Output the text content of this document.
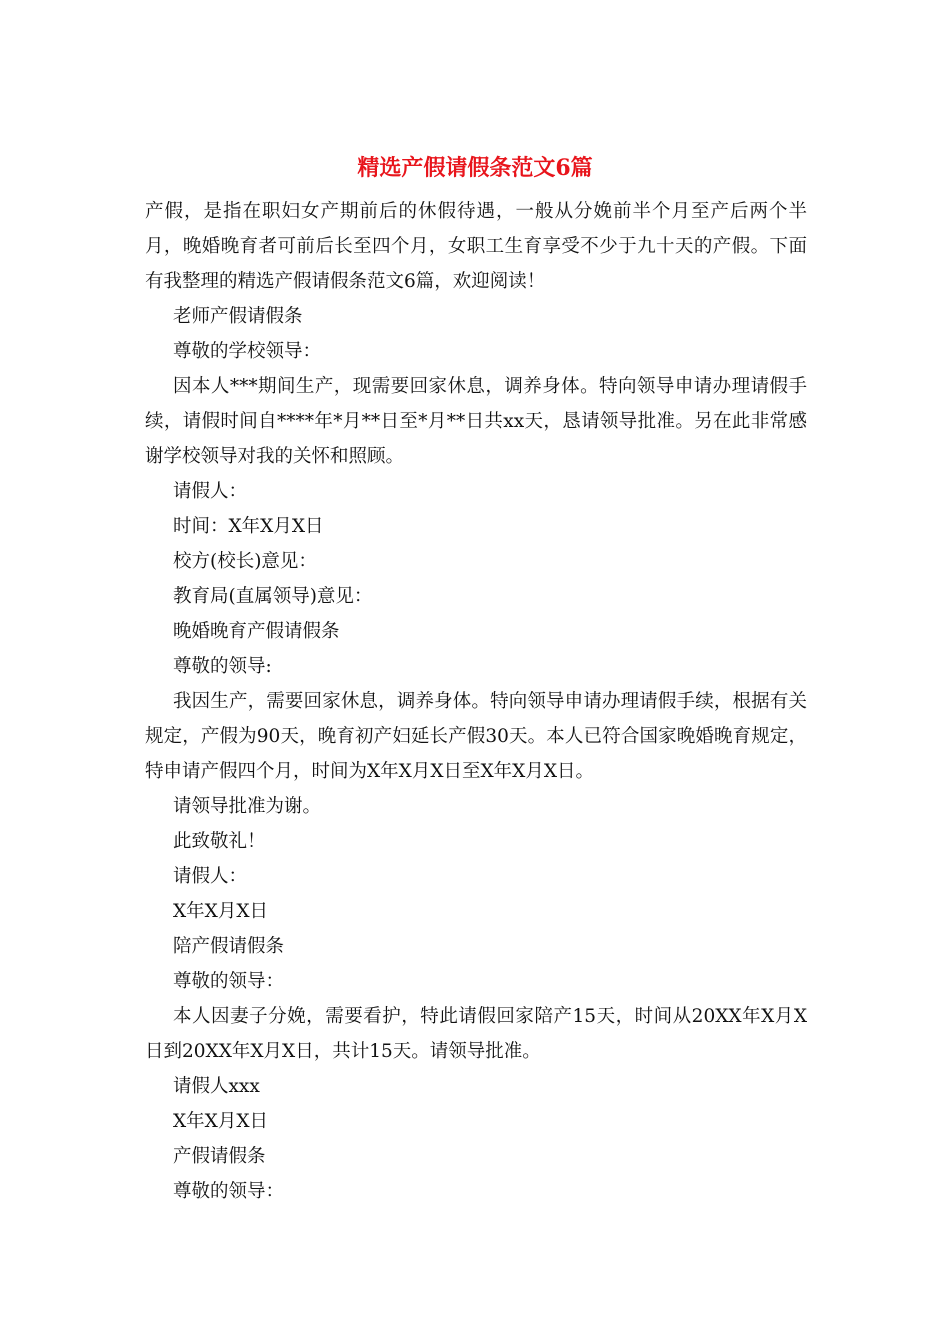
精选产假请假条范文6篇

产假，是指在职妇女产期前后的休假待遇，一般从分娩前半个月至产后两个半月，晚婚晚育者可前后长至四个月，女职工生育享受不少于九十天的产假。下面有我整理的精选产假请假条范文6篇，欢迎阅读！

老师产假请假条

尊敬的学校领导：

因本人***期间生产，现需要回家休息，调养身体。特向领导申请办理请假手续，请假时间自****年*月**日至*月**日共xx天，恳请领导批准。另在此非常感谢学校领导对我的关怀和照顾。

请假人：

时间：X年X月X日

校方(校长)意见：

教育局(直属领导)意见：

晚婚晚育产假请假条

尊敬的领导:

我因生产，需要回家休息，调养身体。特向领导申请办理请假手续，根据有关规定，产假为90天，晚育初产妇延长产假30天。本人已符合国家晚婚晚育规定，特申请产假四个月，时间为X年X月X日至X年X月X日。

请领导批准为谢。

此致敬礼！

请假人：

X年X月X日

陪产假请假条

尊敬的领导：

本人因妻子分娩，需要看护，特此请假回家陪产15天，时间从20XX年X月X日到20XX年X月X日，共计15天。请领导批准。

请假人xxx

X年X月X日

产假请假条

尊敬的领导：
